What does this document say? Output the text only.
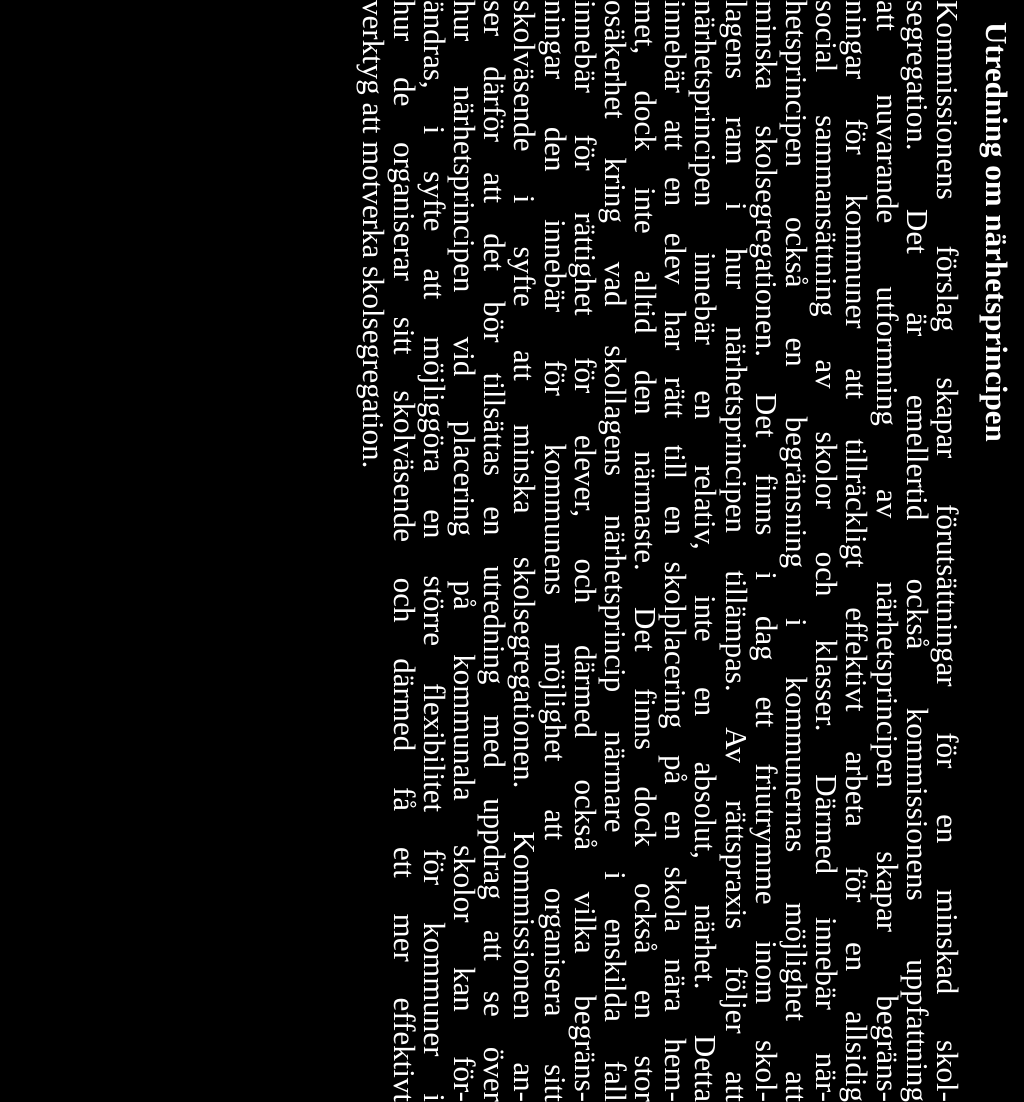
Utredning om närhetsprincipen
Kommissionens förslag skapar förutsättningar för en minskad skol-
segregation. Det är emellertid också kommissionens uppfattning
att nuvarande utformning av närhetsprincipen skapar begräns-
ningar för kommuner att tillräckligt effektivt arbeta för en allsidig
social sammansättning av skolor och klasser. Därmed innebär när-
hetsprincipen också en begränsning i kommunernas möjlighet att
minska skolsegregationen. Det finns i dag ett friutrymme inom skol-
lagens ram i hur närhetsprincipen tillämpas. Av rättspraxis följer att
närhetsprincipen innebär en relativ, inte en absolut, närhet. Detta
innebär att en elev har rätt till en skolplacering på en skola nära hem-
met, dock inte alltid den närmaste. Det finns dock också en stor
osäkerhet kring vad skollagens närhetsprincip närmare i enskilda fall
innebär för rättighet för elever, och därmed också vilka begräns-
ningar den innebär för kommunens möjlighet att organisera sitt
skolväsende i syfte att minska skolsegregationen. Kommissionen an-
ser därför att det bör tillsättas en utredning med uppdrag att se över
hur närhetsprincipen vid placering på kommunala skolor kan för-
ändras, i syfte att möjliggöra en större flexibilitet för kommuner i
hur de organiserar sitt skolväsende och därmed få ett mer effektivt
verktyg att motverka skolsegregation.
